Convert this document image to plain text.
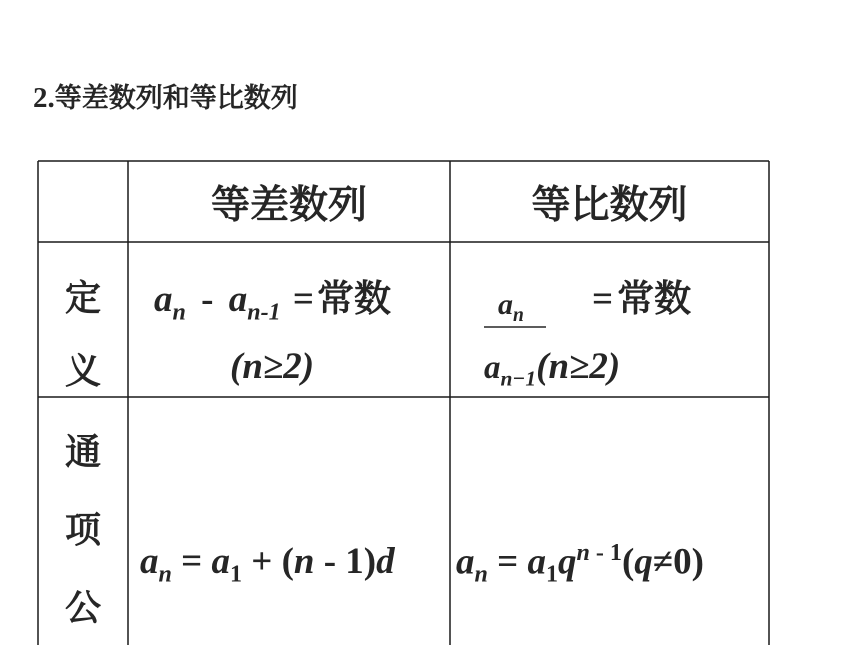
2.等差数列和等比数列
等差数列	等比数列
定
义
$a_n - a_{n-1}$ =常数
(n≥2)
$a_n$ = 常数
$a_{n-1}(n\ge 2)$
通
项
公
$a_n = a_1 + (n - 1)d$ $a_n = a_1q^{n - 1}(q\ne 0)$
